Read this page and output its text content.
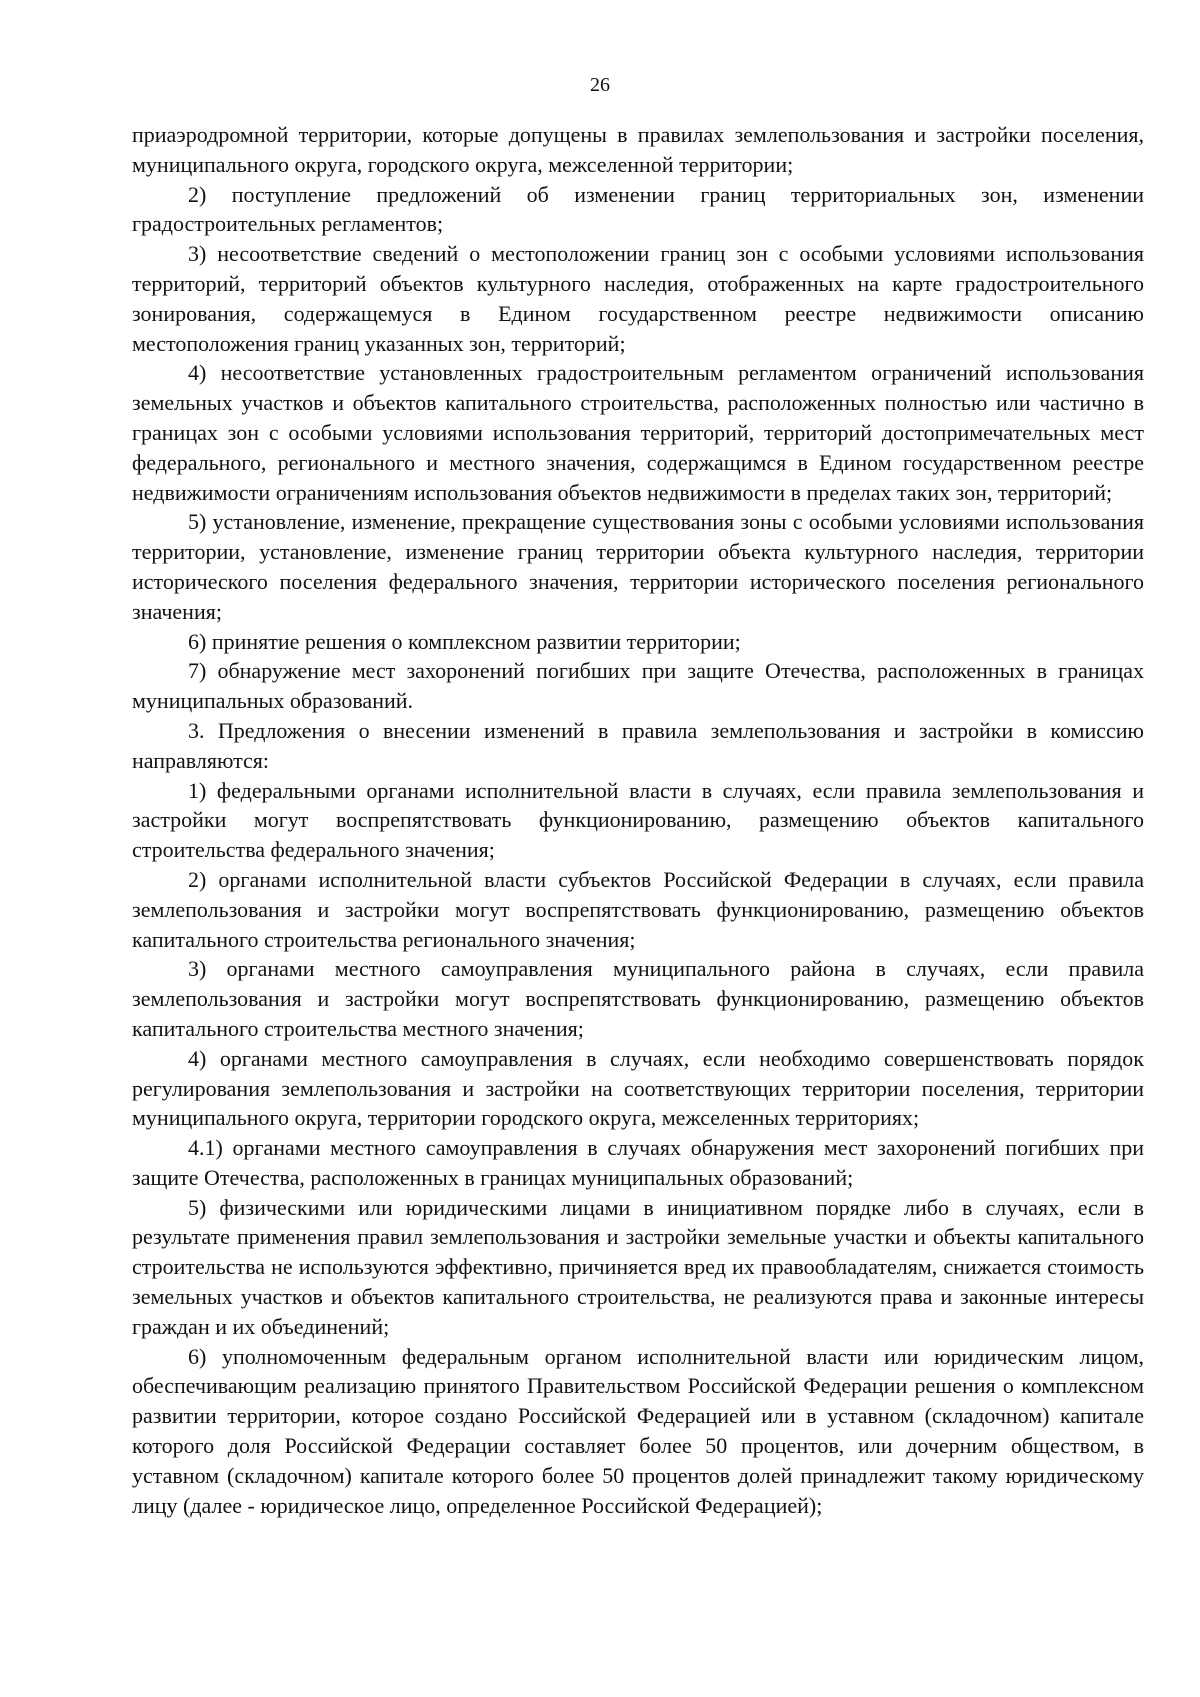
26

приаэродромной территории, которые допущены в правилах землепользования и застройки поселения, муниципального округа, городского округа, межселенной территории;

2) поступление предложений об изменении границ территориальных зон, изменении градостроительных регламентов;

3) несоответствие сведений о местоположении границ зон с особыми условиями использования территорий, территорий объектов культурного наследия, отображенных на карте градостроительного зонирования, содержащемуся в Едином государственном реестре недвижимости описанию местоположения границ указанных зон, территорий;

4) несоответствие установленных градостроительным регламентом ограничений использования земельных участков и объектов капитального строительства, расположенных полностью или частично в границах зон с особыми условиями использования территорий, территорий достопримечательных мест федерального, регионального и местного значения, содержащимся в Едином государственном реестре недвижимости ограничениям использования объектов недвижимости в пределах таких зон, территорий;

5) установление, изменение, прекращение существования зоны с особыми условиями использования территории, установление, изменение границ территории объекта культурного наследия, территории исторического поселения федерального значения, территории исторического поселения регионального значения;

6) принятие решения о комплексном развитии территории;

7) обнаружение мест захоронений погибших при защите Отечества, расположенных в границах муниципальных образований.

3. Предложения о внесении изменений в правила землепользования и застройки в комиссию направляются:

1) федеральными органами исполнительной власти в случаях, если правила землепользования и застройки могут воспрепятствовать функционированию, размещению объектов капитального строительства федерального значения;

2) органами исполнительной власти субъектов Российской Федерации в случаях, если правила землепользования и застройки могут воспрепятствовать функционированию, размещению объектов капитального строительства регионального значения;

3) органами местного самоуправления муниципального района в случаях, если правила землепользования и застройки могут воспрепятствовать функционированию, размещению объектов капитального строительства местного значения;

4) органами местного самоуправления в случаях, если необходимо совершенствовать порядок регулирования землепользования и застройки на соответствующих территории поселения, территории муниципального округа, территории городского округа, межселенных территориях;

4.1) органами местного самоуправления в случаях обнаружения мест захоронений погибших при защите Отечества, расположенных в границах муниципальных образований;

5) физическими или юридическими лицами в инициативном порядке либо в случаях, если в результате применения правил землепользования и застройки земельные участки и объекты капитального строительства не используются эффективно, причиняется вред их правообладателям, снижается стоимость земельных участков и объектов капитального строительства, не реализуются права и законные интересы граждан и их объединений;

6) уполномоченным федеральным органом исполнительной власти или юридическим лицом, обеспечивающим реализацию принятого Правительством Российской Федерации решения о комплексном развитии территории, которое создано Российской Федерацией или в уставном (складочном) капитале которого доля Российской Федерации составляет более 50 процентов, или дочерним обществом, в уставном (складочном) капитале которого более 50 процентов долей принадлежит такому юридическому лицу (далее - юридическое лицо, определенное Российской Федерацией);
